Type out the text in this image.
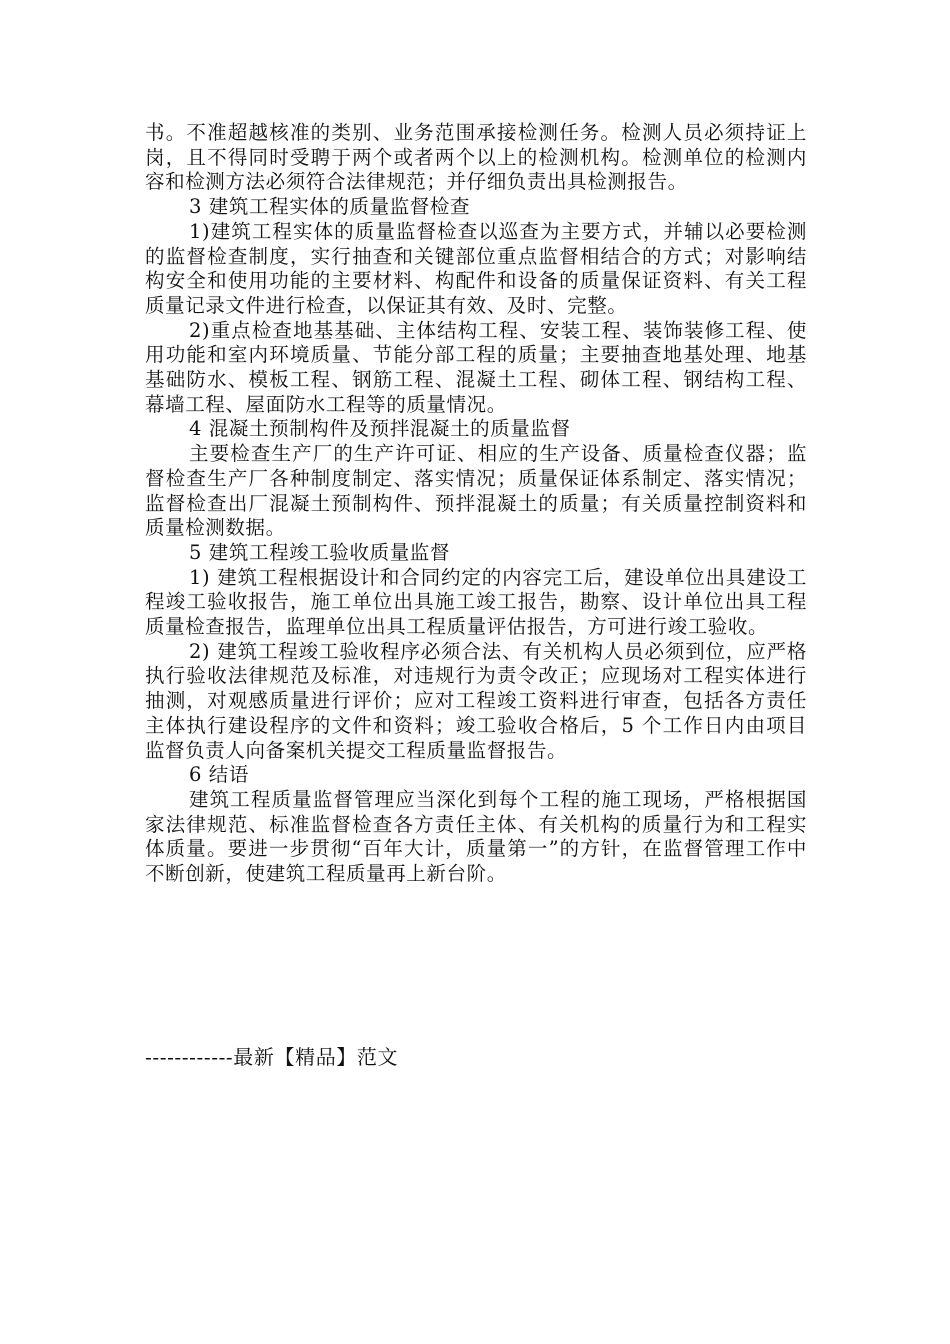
书。不准超越核准的类别、业务范围承接检测任务。检测人员必须持证上岗，且不得同时受聘于两个或者两个以上的检测机构。检测单位的检测内容和检测方法必须符合法律规范；并仔细负责出具检测报告。

3 建筑工程实体的质量监督检查

1)建筑工程实体的质量监督检查以巡查为主要方式，并辅以必要检测的监督检查制度，实行抽查和关键部位重点监督相结合的方式；对影响结构安全和使用功能的主要材料、构配件和设备的质量保证资料、有关工程质量记录文件进行检查，以保证其有效、及时、完整。

2)重点检查地基基础、主体结构工程、安装工程、装饰装修工程、使用功能和室内环境质量、节能分部工程的质量；主要抽查地基处理、地基基础防水、模板工程、钢筋工程、混凝土工程、砌体工程、钢结构工程、幕墙工程、屋面防水工程等的质量情况。

4 混凝土预制构件及预拌混凝土的质量监督

主要检查生产厂的生产许可证、相应的生产设备、质量检查仪器；监督检查生产厂各种制度制定、落实情况；质量保证体系制定、落实情况；监督检查出厂混凝土预制构件、预拌混凝土的质量；有关质量控制资料和质量检测数据。

5 建筑工程竣工验收质量监督

1) 建筑工程根据设计和合同约定的内容完工后，建设单位出具建设工程竣工验收报告，施工单位出具施工竣工报告，勘察、设计单位出具工程质量检查报告，监理单位出具工程质量评估报告，方可进行竣工验收。

2) 建筑工程竣工验收程序必须合法、有关机构人员必须到位，应严格执行验收法律规范及标准，对违规行为责令改正；应现场对工程实体进行抽测，对观感质量进行评价；应对工程竣工资料进行审查，包括各方责任主体执行建设程序的文件和资料；竣工验收合格后，5 个工作日内由项目监督负责人向备案机关提交工程质量监督报告。

6 结语

建筑工程质量监督管理应当深化到每个工程的施工现场，严格根据国家法律规范、标准监督检查各方责任主体、有关机构的质量行为和工程实体质量。要进一步贯彻“百年大计，质量第一”的方针，在监督管理工作中不断创新，使建筑工程质量再上新台阶。

------------最新【精品】范文
